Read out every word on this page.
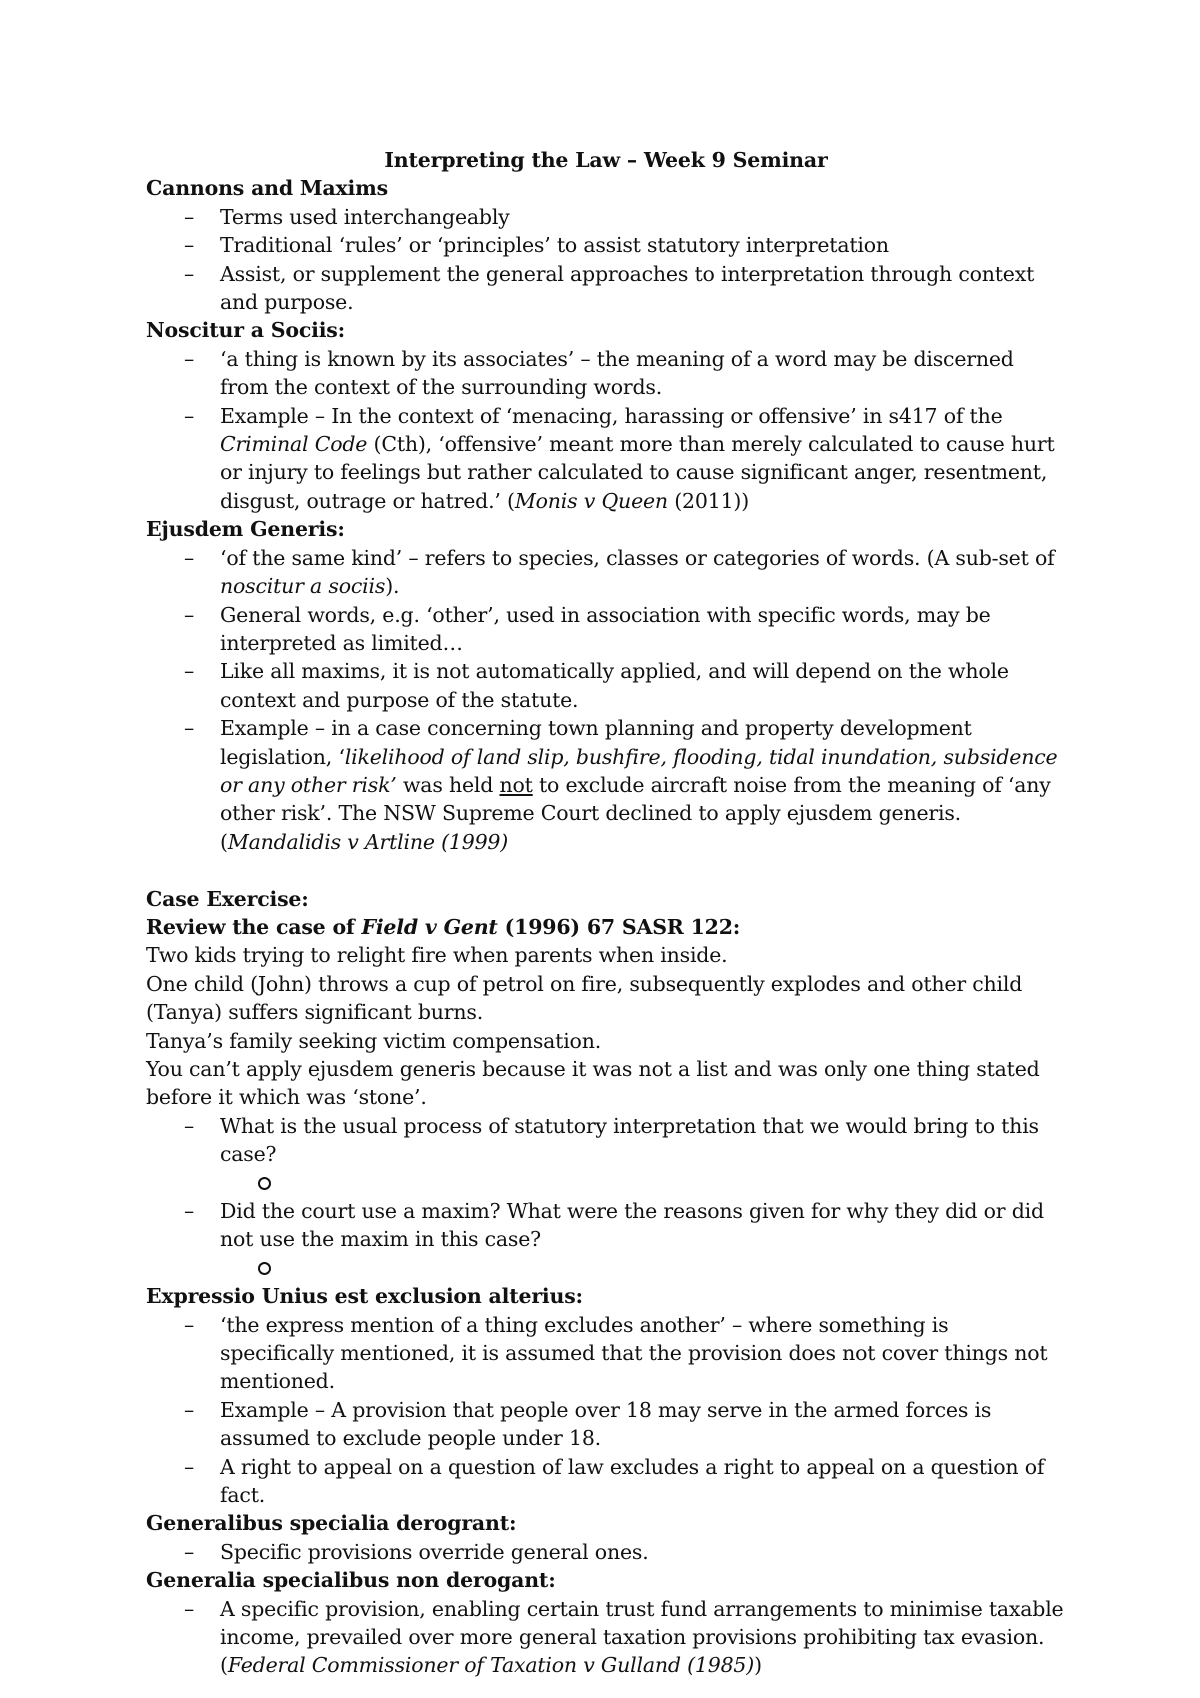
Interpreting the Law – Week 9 Seminar
Cannons and Maxims
– Terms used interchangeably
– Traditional ‘rules’ or ‘principles’ to assist statutory interpretation
– Assist, or supplement the general approaches to interpretation through context and purpose.
Noscitur a Sociis:
– ‘a thing is known by its associates’ – the meaning of a word may be discerned from the context of the surrounding words.
– Example – In the context of ‘menacing, harassing or offensive’ in s417 of the Criminal Code (Cth), ‘offensive’ meant more than merely calculated to cause hurt or injury to feelings but rather calculated to cause significant anger, resentment, disgust, outrage or hatred.’ (Monis v Queen (2011))
Ejusdem Generis:
– ‘of the same kind’ – refers to species, classes or categories of words. (A sub-set of noscitur a sociis).
– General words, e.g. ‘other’, used in association with specific words, may be interpreted as limited…
– Like all maxims, it is not automatically applied, and will depend on the whole context and purpose of the statute.
– Example – in a case concerning town planning and property development legislation, ‘likelihood of land slip, bushfire, flooding, tidal inundation, subsidence or any other risk’ was held not to exclude aircraft noise from the meaning of ‘any other risk’. The NSW Supreme Court declined to apply ejusdem generis. (Mandalidis v Artline (1999)
Case Exercise:
Review the case of Field v Gent (1996) 67 SASR 122:
Two kids trying to relight fire when parents when inside.
One child (John) throws a cup of petrol on fire, subsequently explodes and other child (Tanya) suffers significant burns.
Tanya’s family seeking victim compensation.
You can’t apply ejusdem generis because it was not a list and was only one thing stated before it which was ‘stone’.
– What is the usual process of statutory interpretation that we would bring to this case?
– Did the court use a maxim? What were the reasons given for why they did or did not use the maxim in this case?
Expressio Unius est exclusion alterius:
– ‘the express mention of a thing excludes another’ – where something is specifically mentioned, it is assumed that the provision does not cover things not mentioned.
– Example – A provision that people over 18 may serve in the armed forces is assumed to exclude people under 18.
– A right to appeal on a question of law excludes a right to appeal on a question of fact.
Generalibus specialia derogrant:
– Specific provisions override general ones.
Generalia specialibus non derogant:
– A specific provision, enabling certain trust fund arrangements to minimise taxable income, prevailed over more general taxation provisions prohibiting tax evasion. (Federal Commissioner of Taxation v Gulland (1985))
